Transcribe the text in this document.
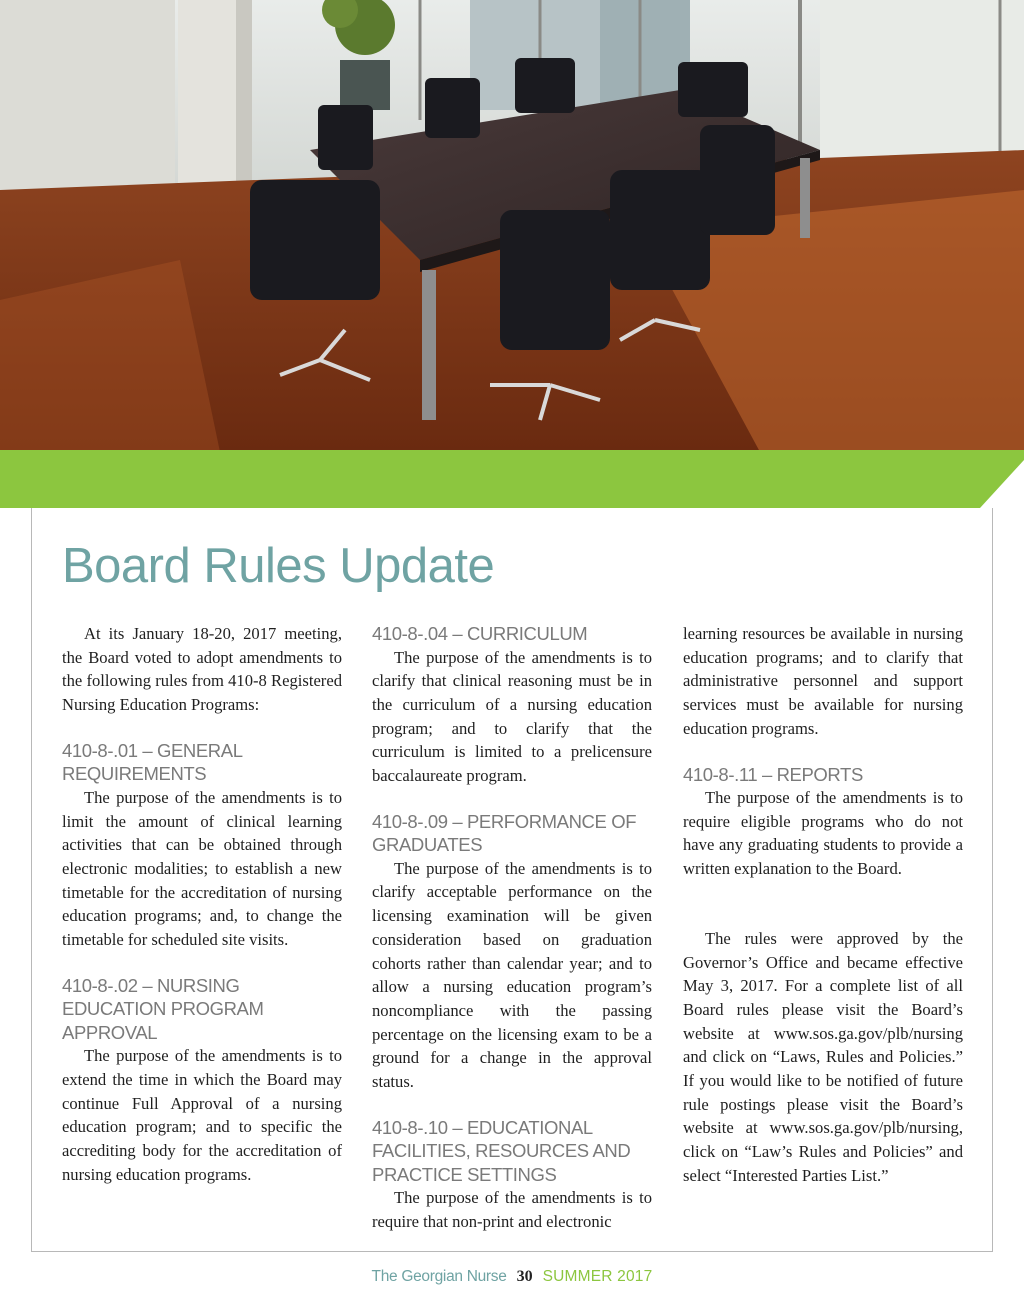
Board Rules Update

At its January 18-20, 2017 meeting, the Board voted to adopt amendments to the following rules from 410-8 Registered Nursing Education Programs:

410-8-.01 – GENERAL REQUIREMENTS

The purpose of the amendments is to limit the amount of clinical learning activities that can be obtained through electronic modalities; to establish a new timetable for the accreditation of nursing education programs; and, to change the timetable for scheduled site visits.

410-8-.02 – NURSING EDUCATION PROGRAM APPROVAL

The purpose of the amendments is to extend the time in which the Board may continue Full Approval of a nursing education program; and to specific the accrediting body for the accreditation of nursing education programs.

410-8-.04 – CURRICULUM

The purpose of the amendments is to clarify that clinical reasoning must be in the curriculum of a nursing education program; and to clarify that the curriculum is limited to a prelicensure baccalaureate program.

410-8-.09 – PERFORMANCE OF GRADUATES

The purpose of the amendments is to clarify acceptable performance on the licensing examination will be given consideration based on graduation cohorts rather than calendar year; and to allow a nursing education program’s noncompliance with the passing percentage on the licensing exam to be a ground for a change in the approval status.

410-8-.10 – EDUCATIONAL FACILITIES, RESOURCES AND PRACTICE SETTINGS

The purpose of the amendments is to require that non-print and electronic

learning resources be available in nursing education programs; and to clarify that administrative personnel and support services must be available for nursing education programs.

410-8-.11 – REPORTS

The purpose of the amendments is to require eligible programs who do not have any graduating students to provide a written explanation to the Board.

The rules were approved by the Governor’s Office and became effective May 3, 2017. For a complete list of all Board rules please visit the Board’s website at www.sos.ga.gov/plb/nursing and click on “Laws, Rules and Policies.” If you would like to be notified of future rule postings please visit the Board’s website at www.sos.ga.gov/plb/nursing, click on “Law’s Rules and Policies” and select “Interested Parties List.”

The Georgian Nurse 30 SUMMER 2017
